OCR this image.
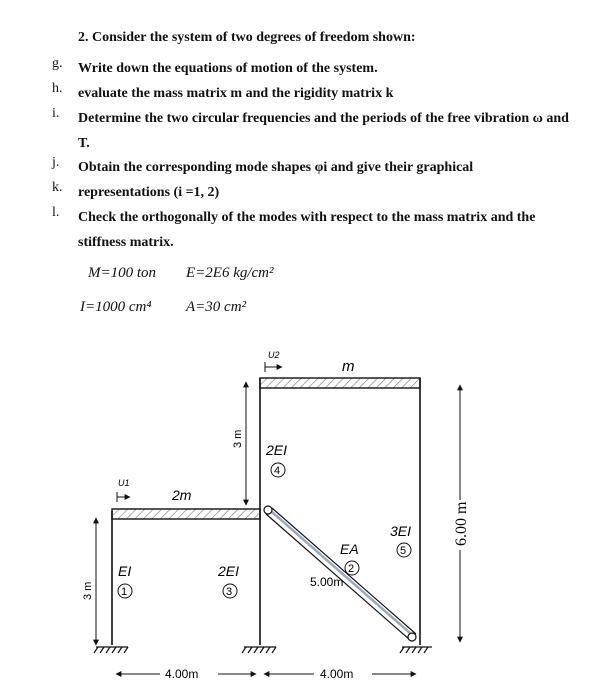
2. Consider the system of two degrees of freedom shown:
g.	Write down the equations of motion of the system.
h.	evaluate the mass matrix m and the rigidity matrix k
i.	Determine the two circular frequencies and the periods of the free vibration ω and T.
j.	Obtain the corresponding mode shapes φi and give their graphical
k.	representations (i =1, 2)
l.	Check the orthogonally of the modes with respect to the mass matrix and the stiffness matrix.
M=100 ton E=2E6 kg/cm²
I=1000 cm⁴ A=30 cm²
U2
U1
m
2m
EI	2EI
2EI
EA
3EI
1	3
4
2
5
3 m
3 m
6.00 m
5.00m
4.00m	4.00m
